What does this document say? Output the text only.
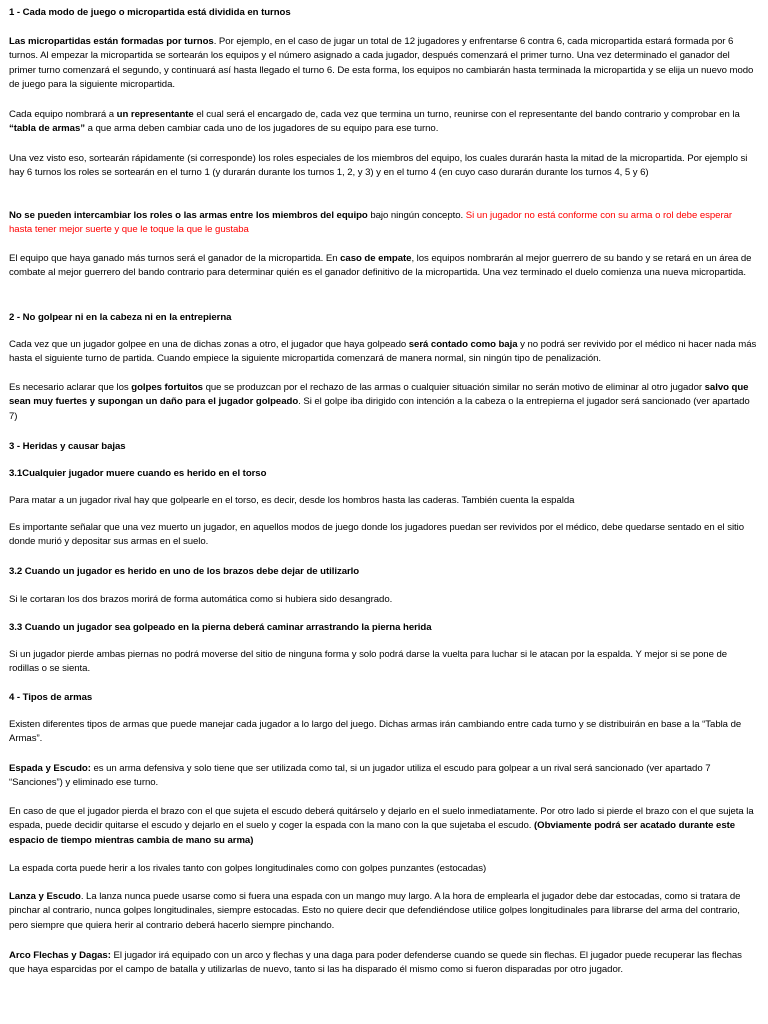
1 - Cada modo de juego o micropartida está dividida en turnos

Las micropartidas están formadas por turnos. Por ejemplo, en el caso de jugar un total de 12 jugadores y enfrentarse 6 contra 6, cada micropartida estará formada por 6 turnos. Al empezar la micropartida se sortearán los equipos y el número asignado a cada jugador, después comenzará el primer turno. Una vez determinado el ganador del primer turno comenzará el segundo, y continuará así hasta llegado el turno 6. De esta forma, los equipos no cambiarán hasta terminada la micropartida y se elija un nuevo modo de juego para la siguiente micropartida.

Cada equipo nombrará a un representante el cual será el encargado de, cada vez que termina un turno, reunirse con el representante del bando contrario y comprobar en la “tabla de armas” a que arma deben cambiar cada uno de los jugadores de su equipo para ese turno.

Una vez visto eso, sortearán rápidamente (si corresponde) los roles especiales de los miembros del equipo, los cuales durarán hasta la mitad de la micropartida. Por ejemplo si hay 6 turnos los roles se sortearán en el turno 1 (y durarán durante los turnos 1, 2, y 3) y en el turno 4 (en cuyo caso durarán durante los turnos 4, 5 y 6)

No se pueden intercambiar los roles o las armas entre los miembros del equipo bajo ningún concepto. Si un jugador no está conforme con su arma o rol debe esperar hasta tener mejor suerte y que le toque la que le gustaba

El equipo que haya ganado más turnos será el ganador de la micropartida. En caso de empate, los equipos nombrarán al mejor guerrero de su bando y se retará en un área de combate al mejor guerrero del bando contrario para determinar quién es el ganador definitivo de la micropartida. Una vez terminado el duelo comienza una nueva micropartida.

2 - No golpear ni en la cabeza ni en la entrepierna

Cada vez que un jugador golpee en una de dichas zonas a otro, el jugador que haya golpeado será contado como baja y no podrá ser revivido por el médico ni hacer nada más hasta el siguiente turno de partida. Cuando empiece la siguiente micropartida comenzará de manera normal, sin ningún tipo de penalización.

Es necesario aclarar que los golpes fortuitos que se produzcan por el rechazo de las armas o cualquier situación similar no serán motivo de eliminar al otro jugador salvo que sean muy fuertes y supongan un daño para el jugador golpeado. Si el golpe iba dirigido con intención a la cabeza o la entrepierna el jugador será sancionado (ver apartado 7)

3 - Heridas y causar bajas

3.1Cualquier jugador muere cuando es herido en el torso

Para matar a un jugador rival hay que golpearle en el torso, es decir, desde los hombros hasta las caderas. También cuenta la espalda

Es importante señalar que una vez muerto un jugador, en aquellos modos de juego donde los jugadores puedan ser revividos por el médico, debe quedarse sentado en el sitio donde murió y depositar sus armas en el suelo.

3.2 Cuando un jugador es herido en uno de los brazos debe dejar de utilizarlo

Si le cortaran los dos brazos morirá de forma automática como si hubiera sido desangrado.

3.3 Cuando un jugador sea golpeado en la pierna deberá caminar arrastrando la pierna herida

Si un jugador pierde ambas piernas no podrá moverse del sitio de ninguna forma y solo podrá darse la vuelta para luchar si le atacan por la espalda. Y mejor si se pone de rodillas o se sienta.

4 - Tipos de armas

Existen diferentes tipos de armas que puede manejar cada jugador a lo largo del juego. Dichas armas irán cambiando entre cada turno y se distribuirán en base a la “Tabla de Armas”.

Espada y Escudo: es un arma defensiva y solo tiene que ser utilizada como tal, si un jugador utiliza el escudo para golpear a un rival será sancionado (ver apartado 7 “Sanciones”) y eliminado ese turno.

En caso de que el jugador pierda el brazo con el que sujeta el escudo deberá quitárselo y dejarlo en el suelo inmediatamente. Por otro lado si pierde el brazo con el que sujeta la espada, puede decidir quitarse el escudo y dejarlo en el suelo y coger la espada con la mano con la que sujetaba el escudo. (Obviamente podrá ser acatado durante este espacio de tiempo mientras cambia de mano su arma)

La espada corta puede herir a los rivales tanto con golpes longitudinales como con golpes punzantes (estocadas)

Lanza y Escudo. La lanza nunca puede usarse como si fuera una espada con un mango muy largo. A la hora de emplearla el jugador debe dar estocadas, como si tratara de pinchar al contrario, nunca golpes longitudinales, siempre estocadas. Esto no quiere decir que defendiéndose utilice golpes longitudinales para librarse del arma del contrario, pero siempre que quiera herir al contrario deberá hacerlo siempre pinchando.

Arco Flechas y Dagas: El jugador irá equipado con un arco y flechas y una daga para poder defenderse cuando se quede sin flechas. El jugador puede recuperar las flechas que haya esparcidas por el campo de batalla y utilizarlas de nuevo, tanto si las ha disparado él mismo como si fueron disparadas por otro jugador.
